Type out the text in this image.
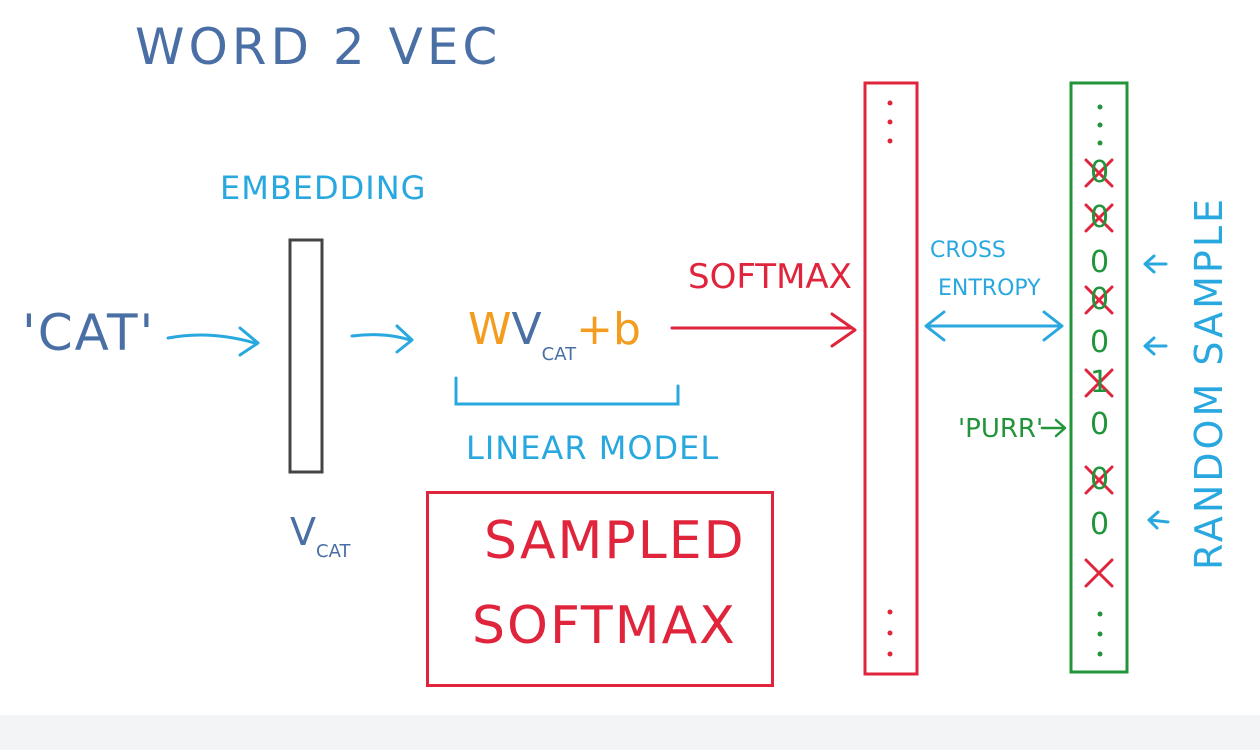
WORD 2 VEC
EMBEDDING
'CAT'
SOFTMAX
CROSS
ENTROPY
LINEAR MODEL
$V_{CAT}$
$WV_{CAT}+b$
SAMPLED
SOFTMAX
'PURR'	RANDOM SAMPLE
0
0
0
0
0
1
0
0
0
